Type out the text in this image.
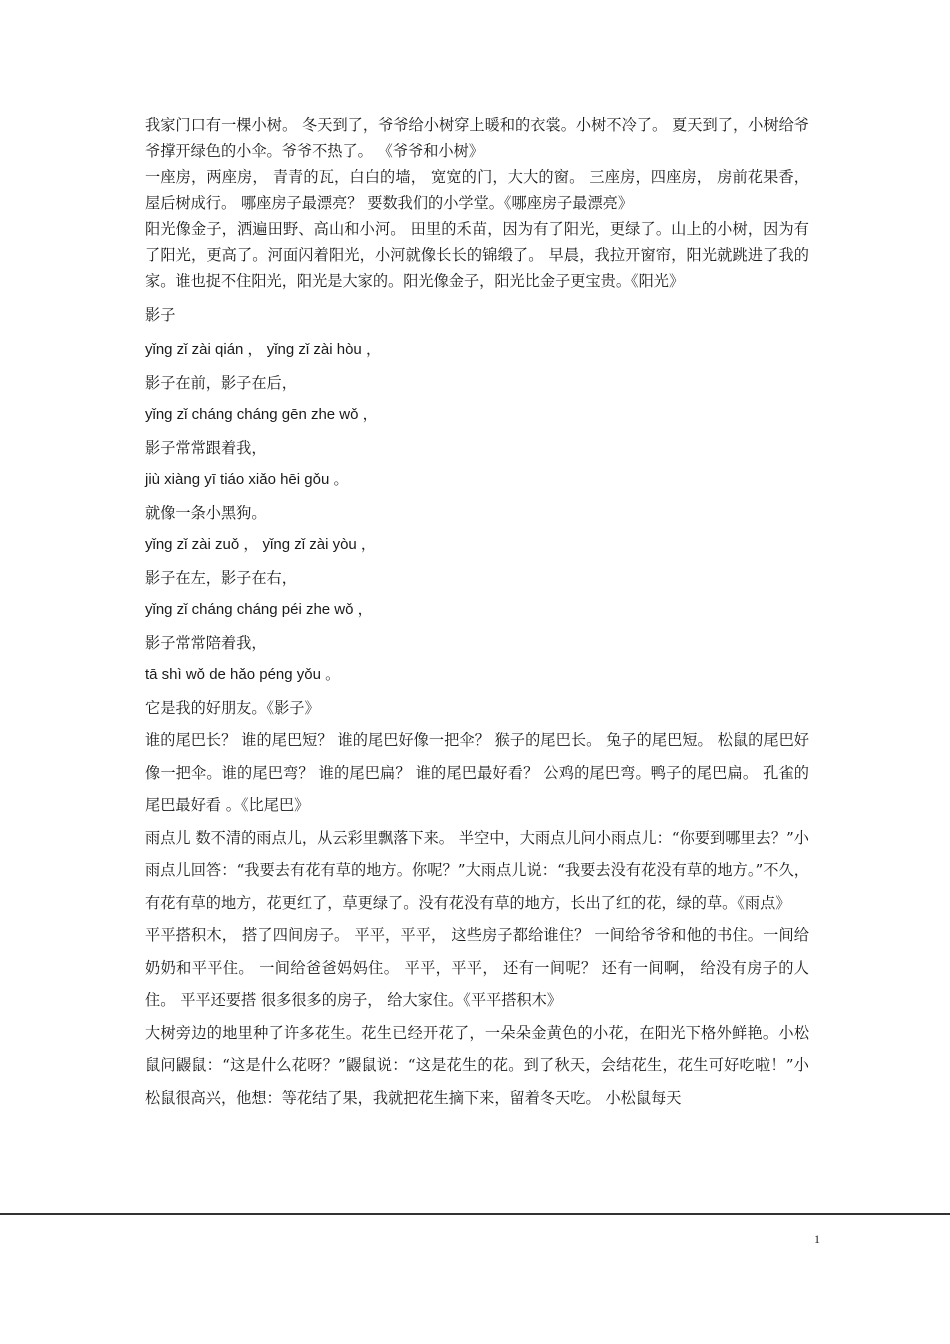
我家门口有一棵小树。 冬天到了，爷爷给小树穿上暖和的衣裳。小树不冷了。 夏天到了，小树给爷爷撑开绿色的小伞。爷爷不热了。 《爷爷和小树》

一座房，两座房， 青青的瓦，白白的墙， 宽宽的门，大大的窗。 三座房，四座房， 房前花果香， 屋后树成行。 哪座房子最漂亮？ 要数我们的小学堂。《哪座房子最漂亮》

阳光像金子，洒遍田野、高山和小河。 田里的禾苗，因为有了阳光，更绿了。山上的小树，因为有了阳光，更高了。河面闪着阳光，小河就像长长的锦缎了。 早晨，我拉开窗帘，阳光就跳进了我的家。谁也捉不住阳光，阳光是大家的。阳光像金子，阳光比金子更宝贵。《阳光》

影子
yǐng zǐ zài qián ， yǐng zǐ zài hòu ，
影子在前，影子在后，
yǐng zǐ cháng cháng gēn zhe wǒ ，
影子常常跟着我，
jiù xiàng yī tiáo xiǎo hēi gǒu 。
就像一条小黑狗。
yǐng zǐ zài zuǒ ， yǐng zǐ zài yòu ，
影子在左，影子在右，
yǐng zǐ cháng cháng péi zhe wǒ ，
影子常常陪着我，
tā shì wǒ de hǎo péng yǒu 。
它是我的好朋友。《影子》

谁的尾巴长？ 谁的尾巴短？ 谁的尾巴好像一把伞？ 猴子的尾巴长。 兔子的尾巴短。 松鼠的尾巴好像一把伞。谁的尾巴弯？ 谁的尾巴扁？ 谁的尾巴最好看？ 公鸡的尾巴弯。鸭子的尾巴扁。 孔雀的尾巴最好看 。《比尾巴》

雨点儿 数不清的雨点儿，从云彩里飘落下来。 半空中，大雨点儿问小雨点儿：“你要到哪里去？”小雨点儿回答：“我要去有花有草的地方。你呢？”大雨点儿说：“我要去没有花没有草的地方。”不久，有花有草的地方，花更红了，草更绿了。没有花没有草的地方，长出了红的花，绿的草。《雨点》

平平搭积木， 搭了四间房子。 平平，平平， 这些房子都给谁住？ 一间给爷爷和他的书住。一间给奶奶和平平住。 一间给爸爸妈妈住。 平平，平平， 还有一间呢？ 还有一间啊， 给没有房子的人住。 平平还要搭 很多很多的房子， 给大家住。《平平搭积木》

大树旁边的地里种了许多花生。花生已经开花了，一朵朵金黄色的小花，在阳光下格外鲜艳。小松鼠问鼹鼠：“这是什么花呀？”鼹鼠说：“这是花生的花。到了秋天，会结花生，花生可好吃啦！”小松鼠很高兴，他想：等花结了果，我就把花生摘下来，留着冬天吃。 小松鼠每天

1
